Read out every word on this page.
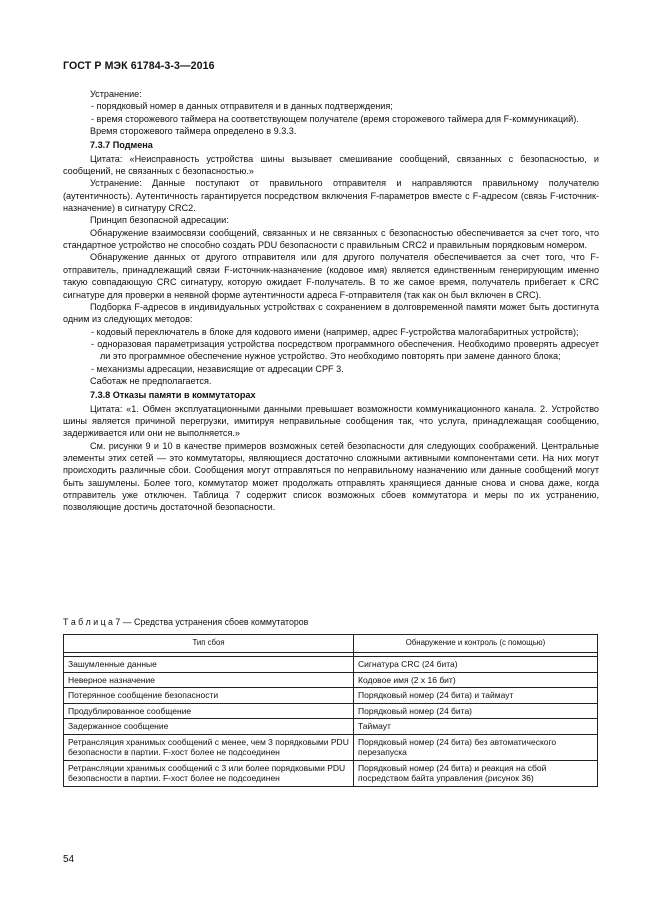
ГОСТ Р МЭК 61784-3-3—2016
Устранение:
- порядковый номер в данных отправителя и в данных подтверждения;
- время сторожевого таймера на соответствующем получателе (время сторожевого таймера для F-коммуникаций).
Время сторожевого таймера определено в 9.3.3.
7.3.7 Подмена
Цитата: «Неисправность устройства шины вызывает смешивание сообщений, связанных с безопасностью, и сообщений, не связанных с безопасностью.»
Устранение: Данные поступают от правильного отправителя и направляются правильному получателю (аутентичность). Аутентичность гарантируется посредством включения F-параметров вместе с F-адресом (связь F-источник-назначение) в сигнатуру CRC2.
Принцип безопасной адресации:
Обнаружение взаимосвязи сообщений, связанных и не связанных с безопасностью обеспечивается за счет того, что стандартное устройство не способно создать PDU безопасности с правильным CRC2 и правильным порядковым номером.
Обнаружение данных от другого отправителя или для другого получателя обеспечивается за счет того, что F-отправитель, принадлежащий связи F-источник-назначение (кодовое имя) является единственным генерирующим именно такую совпадающую CRC сигнатуру, которую ожидает F-получатель. В то же самое время, получатель прибегает к CRC сигнатуре для проверки в неявной форме аутентичности адреса F-отправителя (так как он был включен в CRC).
Подборка F-адресов в индивидуальных устройствах с сохранением в долговременной памяти может быть достигнута одним из следующих методов:
- кодовый переключатель в блоке для кодового имени (например, адрес F-устройства малогабаритных устройств);
- одноразовая параметризация устройства посредством программного обеспечения. Необходимо проверять адресует ли это программное обеспечение нужное устройство. Это необходимо повторять при замене данного блока;
- механизмы адресации, независящие от адресации CPF 3.
Саботаж не предполагается.
7.3.8 Отказы памяти в коммутаторах
Цитата: «1. Обмен эксплуатационными данными превышает возможности коммуникационного канала. 2. Устройство шины является причиной перегрузки, имитируя неправильные сообщения так, что услуга, принадлежащая сообщению, задерживается или они не выполняется.»
См. рисунки 9 и 10 в качестве примеров возможных сетей безопасности для следующих соображений. Центральные элементы этих сетей — это коммутаторы, являющиеся достаточно сложными активными компонентами сети. На них могут происходить различные сбои. Сообщения могут отправляться по неправильному назначению или данные сообщений могут быть зашумлены. Более того, коммутатор может продолжать отправлять хранящиеся данные снова и снова даже, когда отправитель уже отключен. Таблица 7 содержит список возможных сбоев коммутатора и меры по их устранению, позволяющие достичь достаточной безопасности.
Т а б л и ц а 7 — Средства устранения сбоев коммутаторов
Тип сбоя	Обнаружение и контроль (с помощью)

Зашумленные данные	Сигнатура CRC (24 бита)
Неверное назначение	Кодовое имя (2 x 16 бит)
Потерянное сообщение безопасности	Порядковый номер (24 бита) и таймаут
Продублированное сообщение	Порядковый номер (24 бита)
Задержанное сообщение	Таймаут
Ретрансляция хранимых сообщений с менее, чем 3 порядковыми PDU безопасности в партии. F-хост более не подсоединен	Порядковый номер (24 бита) без автоматического перезапуска
Ретрансляции хранимых сообщений с 3 или более порядковыми PDU безопасности в партии. F-хост более не подсоединен	Порядковый номер (24 бита) и реакция на сбой посредством байта управления (рисунок 36)
54
